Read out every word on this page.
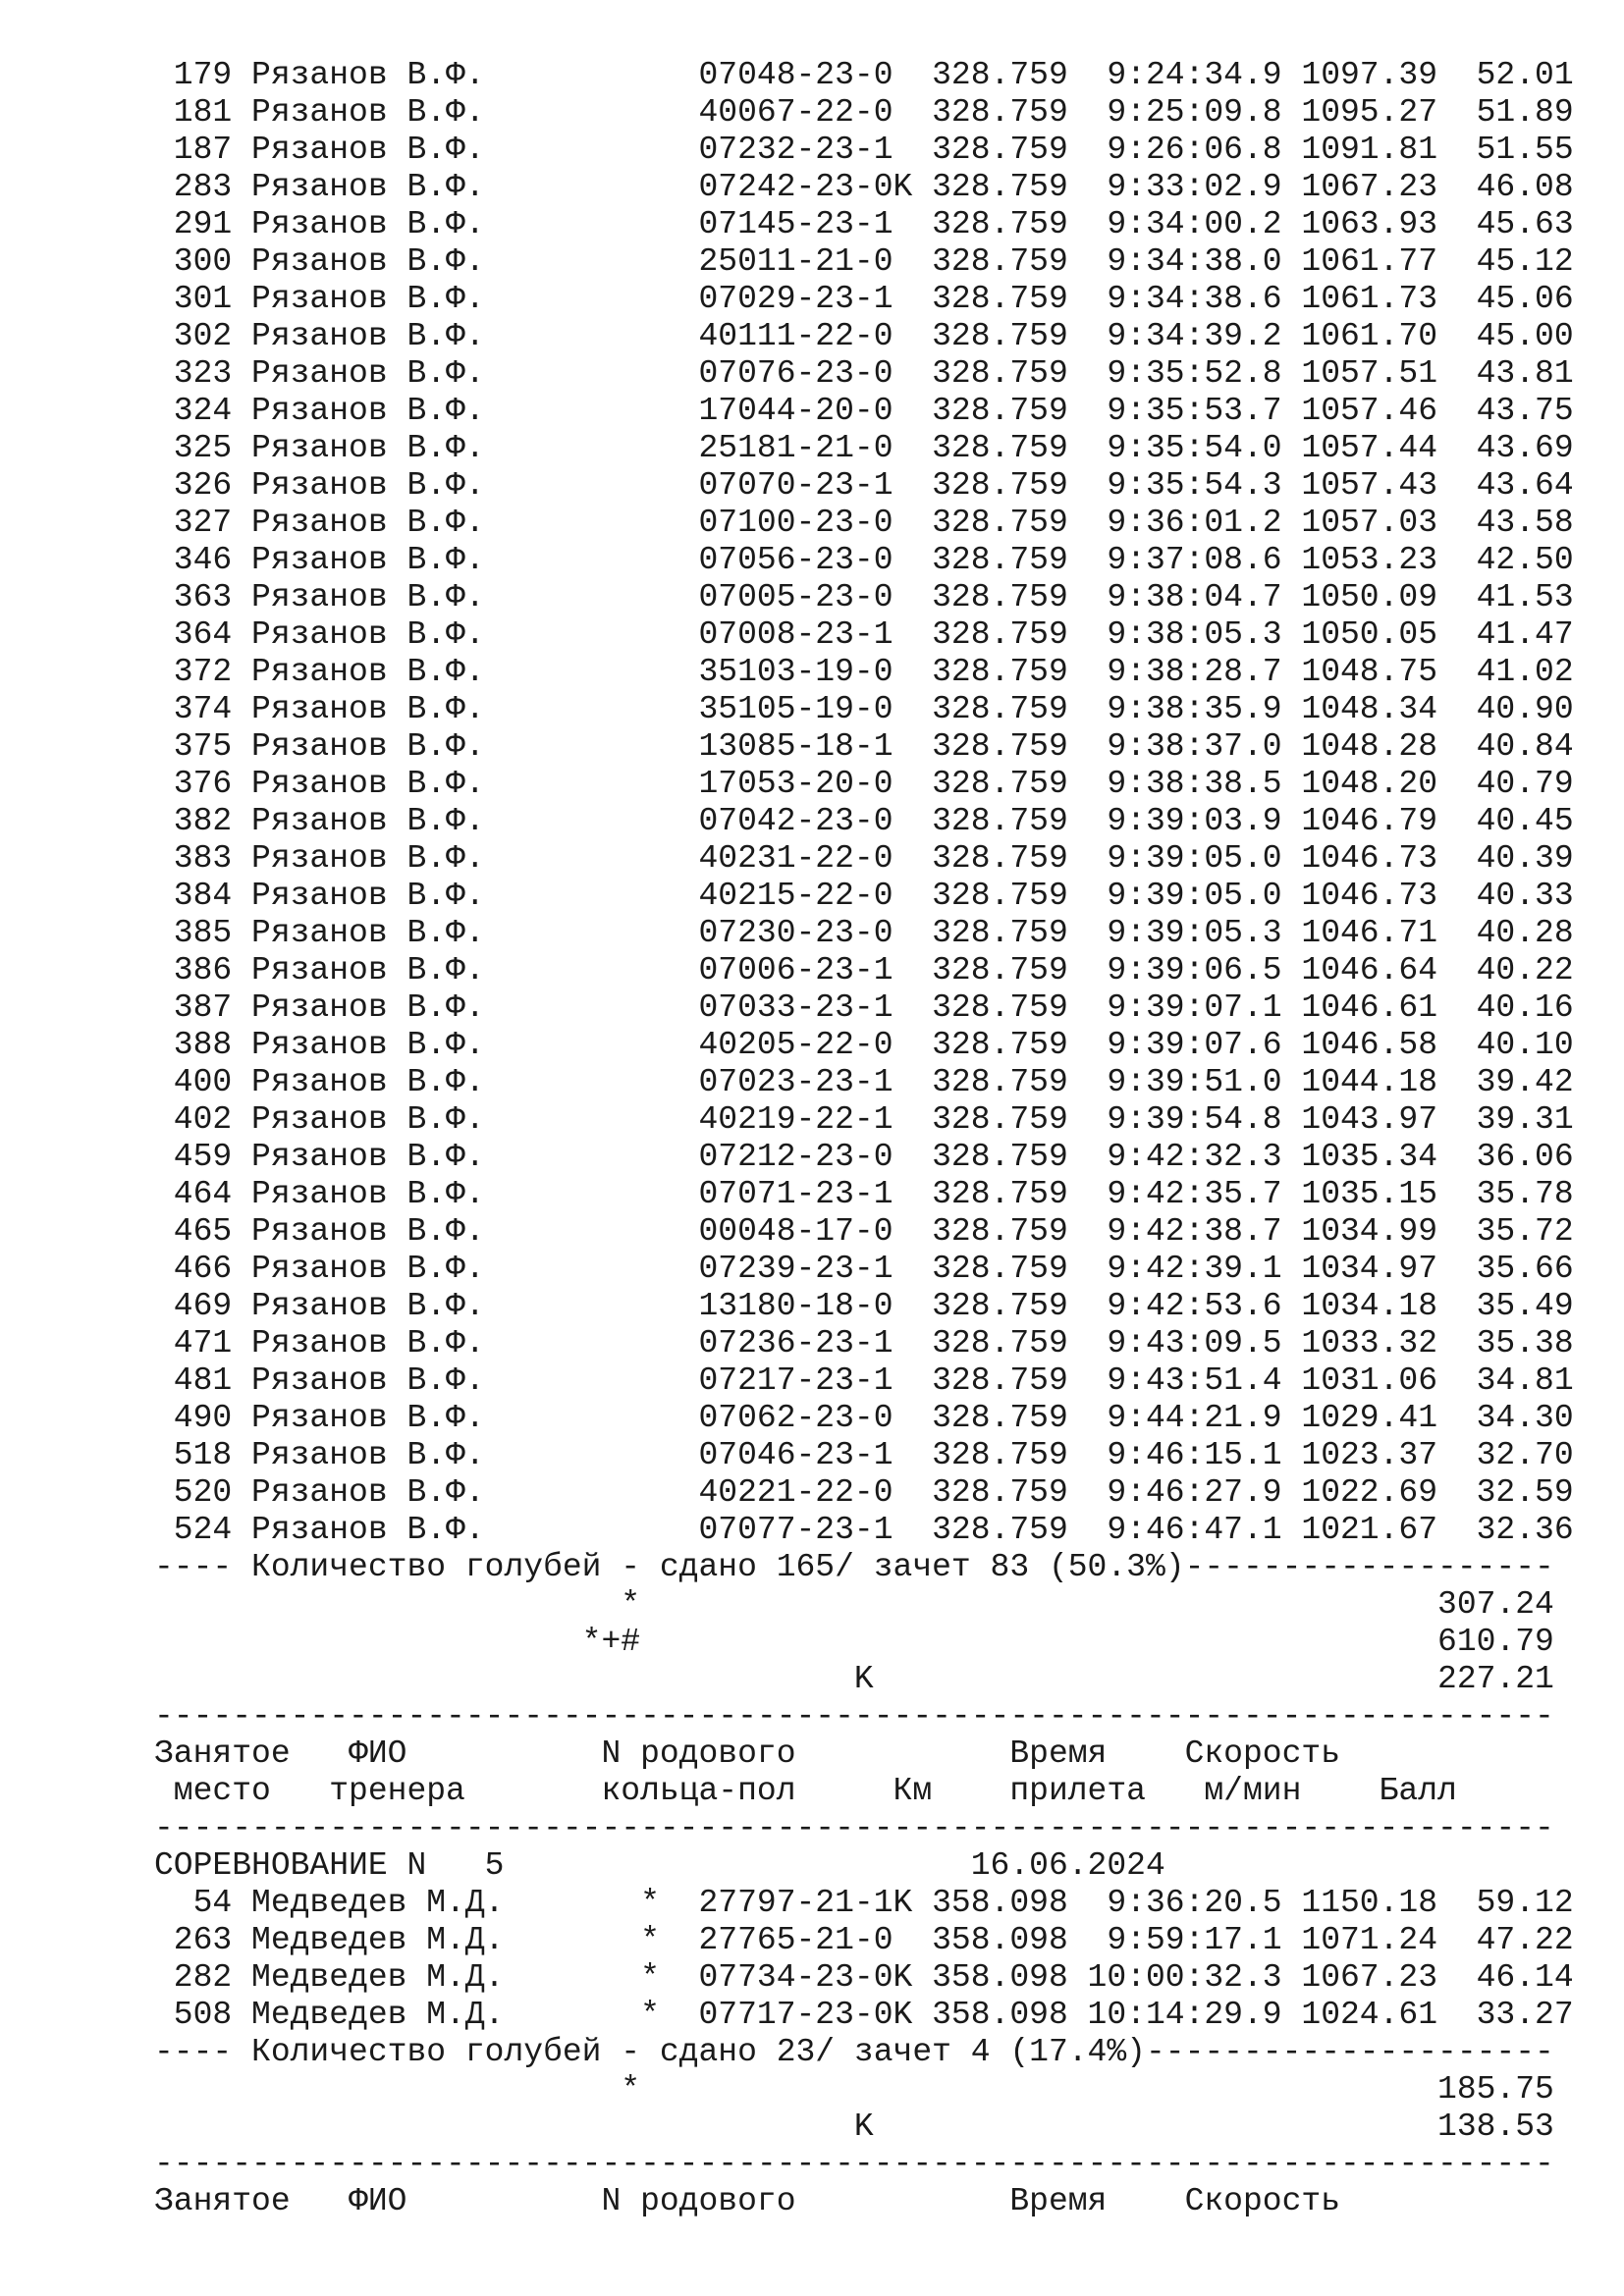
179 Рязанов В.Ф.           07048-23-0  328.759  9:24:34.9 1097.39  52.01
181 Рязанов В.Ф.           40067-22-0  328.759  9:25:09.8 1095.27  51.89
187 Рязанов В.Ф.           07232-23-1  328.759  9:26:06.8 1091.81  51.55
283 Рязанов В.Ф.           07242-23-0K 328.759  9:33:02.9 1067.23  46.08
291 Рязанов В.Ф.           07145-23-1  328.759  9:34:00.2 1063.93  45.63
300 Рязанов В.Ф.           25011-21-0  328.759  9:34:38.0 1061.77  45.12
301 Рязанов В.Ф.           07029-23-1  328.759  9:34:38.6 1061.73  45.06
302 Рязанов В.Ф.           40111-22-0  328.759  9:34:39.2 1061.70  45.00
323 Рязанов В.Ф.           07076-23-0  328.759  9:35:52.8 1057.51  43.81
324 Рязанов В.Ф.           17044-20-0  328.759  9:35:53.7 1057.46  43.75
325 Рязанов В.Ф.           25181-21-0  328.759  9:35:54.0 1057.44  43.69
326 Рязанов В.Ф.           07070-23-1  328.759  9:35:54.3 1057.43  43.64
327 Рязанов В.Ф.           07100-23-0  328.759  9:36:01.2 1057.03  43.58
346 Рязанов В.Ф.           07056-23-0  328.759  9:37:08.6 1053.23  42.50
363 Рязанов В.Ф.           07005-23-0  328.759  9:38:04.7 1050.09  41.53
364 Рязанов В.Ф.           07008-23-1  328.759  9:38:05.3 1050.05  41.47
372 Рязанов В.Ф.           35103-19-0  328.759  9:38:28.7 1048.75  41.02
374 Рязанов В.Ф.           35105-19-0  328.759  9:38:35.9 1048.34  40.90
375 Рязанов В.Ф.           13085-18-1  328.759  9:38:37.0 1048.28  40.84
376 Рязанов В.Ф.           17053-20-0  328.759  9:38:38.5 1048.20  40.79
382 Рязанов В.Ф.           07042-23-0  328.759  9:39:03.9 1046.79  40.45
383 Рязанов В.Ф.           40231-22-0  328.759  9:39:05.0 1046.73  40.39
384 Рязанов В.Ф.           40215-22-0  328.759  9:39:05.0 1046.73  40.33
385 Рязанов В.Ф.           07230-23-0  328.759  9:39:05.3 1046.71  40.28
386 Рязанов В.Ф.           07006-23-1  328.759  9:39:06.5 1046.64  40.22
387 Рязанов В.Ф.           07033-23-1  328.759  9:39:07.1 1046.61  40.16
388 Рязанов В.Ф.           40205-22-0  328.759  9:39:07.6 1046.58  40.10
400 Рязанов В.Ф.           07023-23-1  328.759  9:39:51.0 1044.18  39.42
402 Рязанов В.Ф.           40219-22-1  328.759  9:39:54.8 1043.97  39.31
459 Рязанов В.Ф.           07212-23-0  328.759  9:42:32.3 1035.34  36.06
464 Рязанов В.Ф.           07071-23-1  328.759  9:42:35.7 1035.15  35.78
465 Рязанов В.Ф.           00048-17-0  328.759  9:42:38.7 1034.99  35.72
466 Рязанов В.Ф.           07239-23-1  328.759  9:42:39.1 1034.97  35.66
469 Рязанов В.Ф.           13180-18-0  328.759  9:42:53.6 1034.18  35.49
471 Рязанов В.Ф.           07236-23-1  328.759  9:43:09.5 1033.32  35.38
481 Рязанов В.Ф.           07217-23-1  328.759  9:43:51.4 1031.06  34.81
490 Рязанов В.Ф.           07062-23-0  328.759  9:44:21.9 1029.41  34.30
518 Рязанов В.Ф.           07046-23-1  328.759  9:46:15.1 1023.37  32.70
520 Рязанов В.Ф.           40221-22-0  328.759  9:46:27.9 1022.69  32.59
524 Рязанов В.Ф.           07077-23-1  328.759  9:46:47.1 1021.67  32.36
---- Количество голубей - сдано 165/ зачет 83 (50.3%)-------------------
*                                         307.24
*+#                                         610.79
K                             227.21
------------------------------------------------------------------------
Занятое   ФИО          N родового           Время    Скорость
место   тренера       кольца-пол     Км    прилета   м/мин    Балл
------------------------------------------------------------------------
СОРЕВНОВАНИЕ N   5                        16.06.2024
54 Медведев М.Д.       *  27797-21-1K 358.098  9:36:20.5 1150.18  59.12
263 Медведев М.Д.       *  27765-21-0  358.098  9:59:17.1 1071.24  47.22
282 Медведев М.Д.       *  07734-23-0K 358.098 10:00:32.3 1067.23  46.14
508 Медведев М.Д.       *  07717-23-0K 358.098 10:14:29.9 1024.61  33.27
---- Количество голубей - сдано 23/ зачет 4 (17.4%)---------------------
*                                         185.75
K                             138.53
------------------------------------------------------------------------
Занятое   ФИО          N родового           Время    Скорость
